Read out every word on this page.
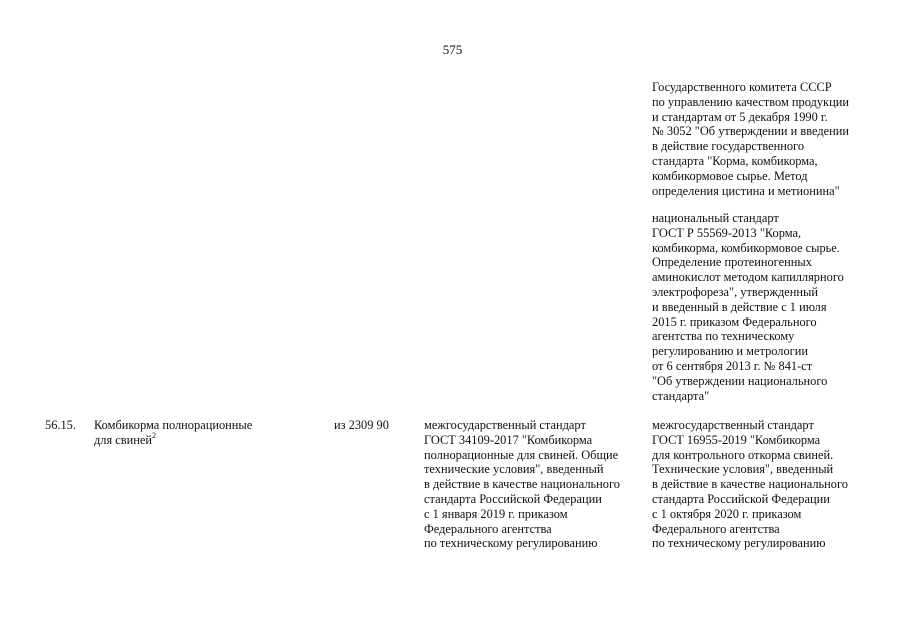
575
Государственного комитета СССР
по управлению качеством продукции
и стандартам от 5 декабря 1990 г.
№ 3052 "Об утверждении и введении
в действие государственного
стандарта "Корма, комбикорма,
комбикормовое сырье. Метод
определения цистина и метионина"
национальный стандарт
ГОСТ Р 55569-2013 "Корма,
комбикорма, комбикормовое сырье.
Определение протеиногенных
аминокислот методом капиллярного
электрофореза", утвержденный
и введенный в действие с 1 июля
2015 г. приказом Федерального
агентства по техническому
регулированию и метрологии
от 6 сентября 2013 г. № 841-ст
"Об утверждении национального
стандарта"
56.15.	Комбикорма полнорационные
для свиней$^2$
из 2309 90	межгосударственный стандарт
ГОСТ 34109-2017 "Комбикорма
полнорационные для свиней. Общие
технические условия", введенный
в действие в качестве национального
стандарта Российской Федерации
с 1 января 2019 г. приказом
Федерального агентства
по техническому регулированию
межгосударственный стандарт
ГОСТ 16955-2019 "Комбикорма
для контрольного откорма свиней.
Технические условия", введенный
в действие в качестве национального
стандарта Российской Федерации
с 1 октября 2020 г. приказом
Федерального агентства
по техническому регулированию
